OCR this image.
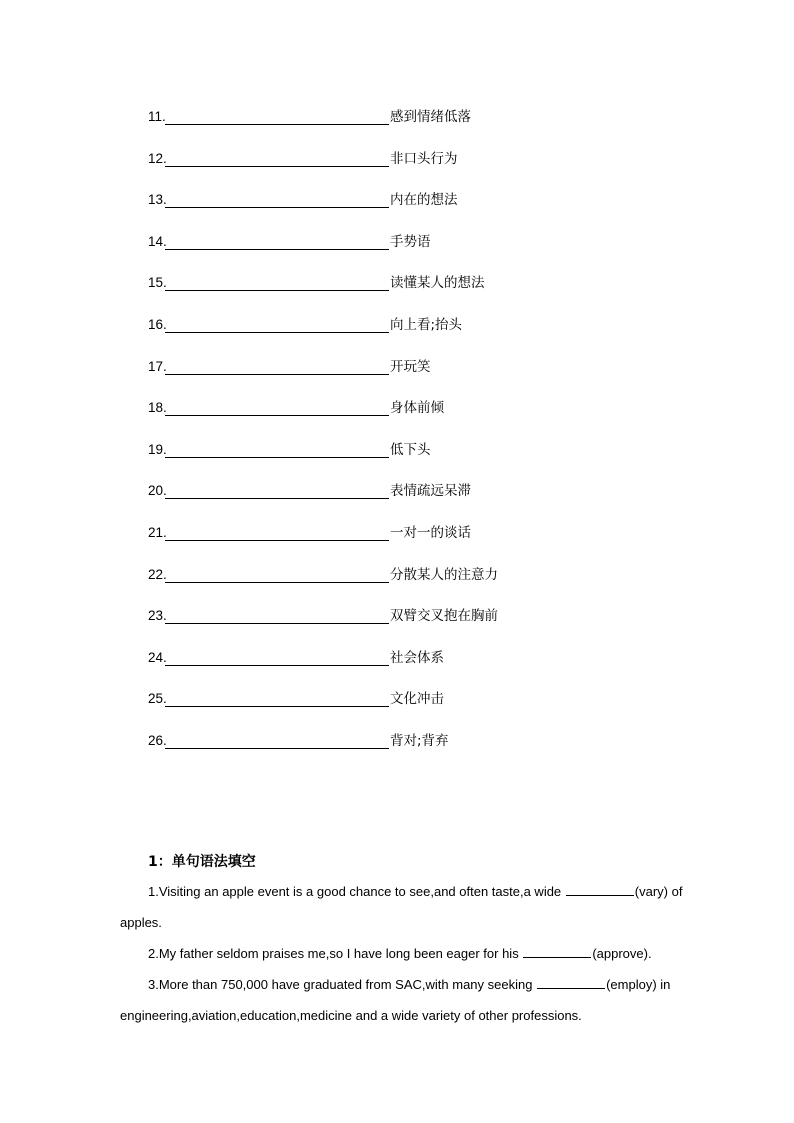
11.	感到情绪低落
12.	非口头行为
13.	内在的想法
14.	手势语
15.	读懂某人的想法
16.	向上看;抬头
17.	开玩笑
18.	身体前倾
19.	低下头
20.	表情疏远呆滞
21.	一对一的谈话
22.	分散某人的注意力
23.	双臂交叉抱在胸前
24.	社会体系
25.	文化冲击
26.	背对;背弃
1：单句语法填空
1.Visiting an apple event is a good chance to see,and often taste,a wide	(vary) of
apples.
2.My father seldom praises me,so I have long been eager for his	(approve).
3.More than 750,000 have graduated from SAC,with many seeking	(employ) in
engineering,aviation,education,medicine and a wide variety of other professions.
